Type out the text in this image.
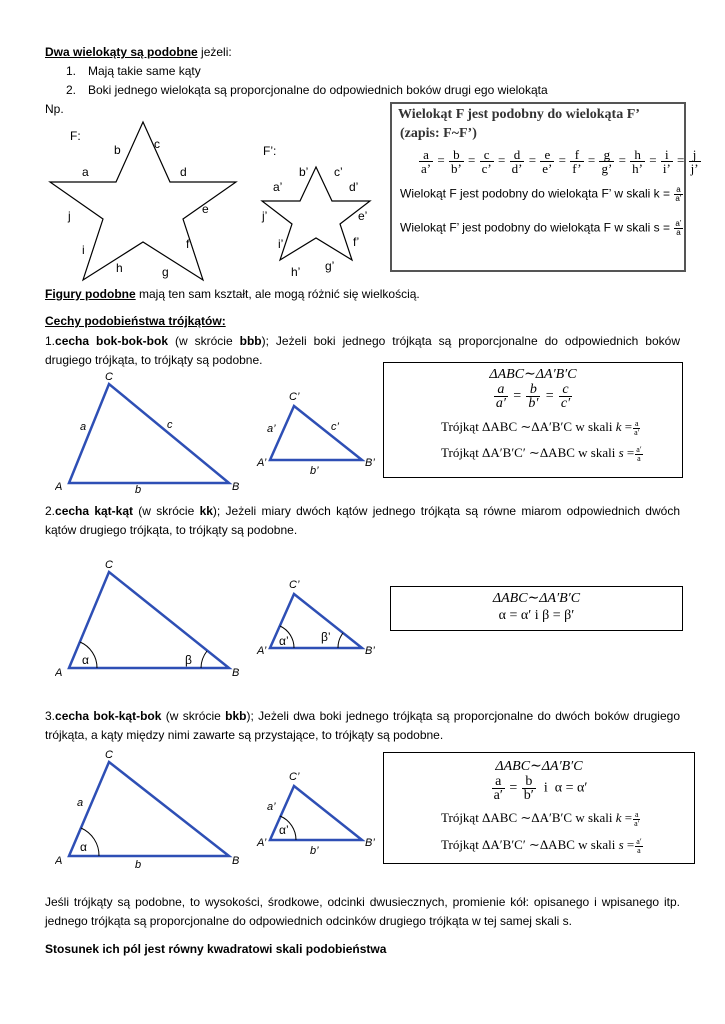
Dwa wielokąty są podobne jeżeli:
1. Mają takie same kąty
2. Boki jednego wielokąta są proporcjonalne do odpowiednich boków drugi ego wielokąta
Np.
F:
b	c
a	d
e
j
i	f
h	g
F’:
b’ c’
a’	d’
e’
j’
i’	f’
h’ g’
Wielokąt F jest podobny do wielokąta F’
(zapis: F~F’)
$\frac{a}{a’} = \frac{b}{b’} = \frac{c}{c’} = \frac{d}{d’} = \frac{e}{e’} = \frac{f}{f’} = \frac{g}{g’} = \frac{h}{h’} = \frac{i}{i’} = \frac{j}{j’}$
Wielokąt F jest podobny do wielokąta F’ w skali $k = \frac{a}{a’}$
Wielokąt F’ jest podobny do wielokąta F w skali $s = \frac{a’}{a}$
Figury podobne mają ten sam kształt, ale mogą różnić się wielkością.
Cechy podobieństwa trójkątów:
1.cecha bok-bok-bok (w skrócie bbb); Jeżeli boki jednego trójkąta są proporcjonalne do odpowiednich boków drugiego trójkąta, to trójkąty są podobne.
A	B
C
a
b
c
A’	B’
C’
a’
b’
c’
ΔABC∼ΔA′B′C
$\frac{a}{a'} = \frac{b}{b'} = \frac{c}{c'}$
Trójkąt ΔABC ∼ΔA′B′C w skali $k = \frac{a}{a'}$
Trójkąt ΔA′B′C′ ∼ΔABC w skali $s = \frac{a'}{a}$
2.cecha kąt-kąt (w skrócie kk); Jeżeli miary dwóch kątów jednego trójkąta są równe miarom odpowiednich dwóch kątów drugiego trójkąta, to trójkąty są podobne.
α	β
α’	β’
A	B
C
A’	B’
C’
ΔABC∼ΔA′B′C
α = α′ i β = β′
3.cecha bok-kąt-bok (w skrócie bkb); Jeżeli dwa boki jednego trójkąta są proporcjonalne do dwóch boków drugiego trójkąta, a kąty między nimi zawarte są przystające, to trójkąty są podobne.
α
α’
A	B
C
a
b
A’	B’
C’
a’
b’
ΔABC∼ΔA′B′C
$\frac{a}{a'} = \frac{b}{b'}$ i  α = α′
Trójkąt ΔABC ∼ΔA′B′C w skali $k = \frac{a}{a'}$
Trójkąt ΔA′B′C′ ∼ΔABC w skali $s = \frac{a'}{a}$
Jeśli trójkąty są podobne, to wysokości, środkowe, odcinki dwusiecznych, promienie kół: opisanego i wpisanego itp. jednego trójkąta są proporcjonalne do odpowiednich odcinków drugiego trójkąta w tej samej skali s.
Stosunek ich pól jest równy kwadratowi skali podobieństwa
